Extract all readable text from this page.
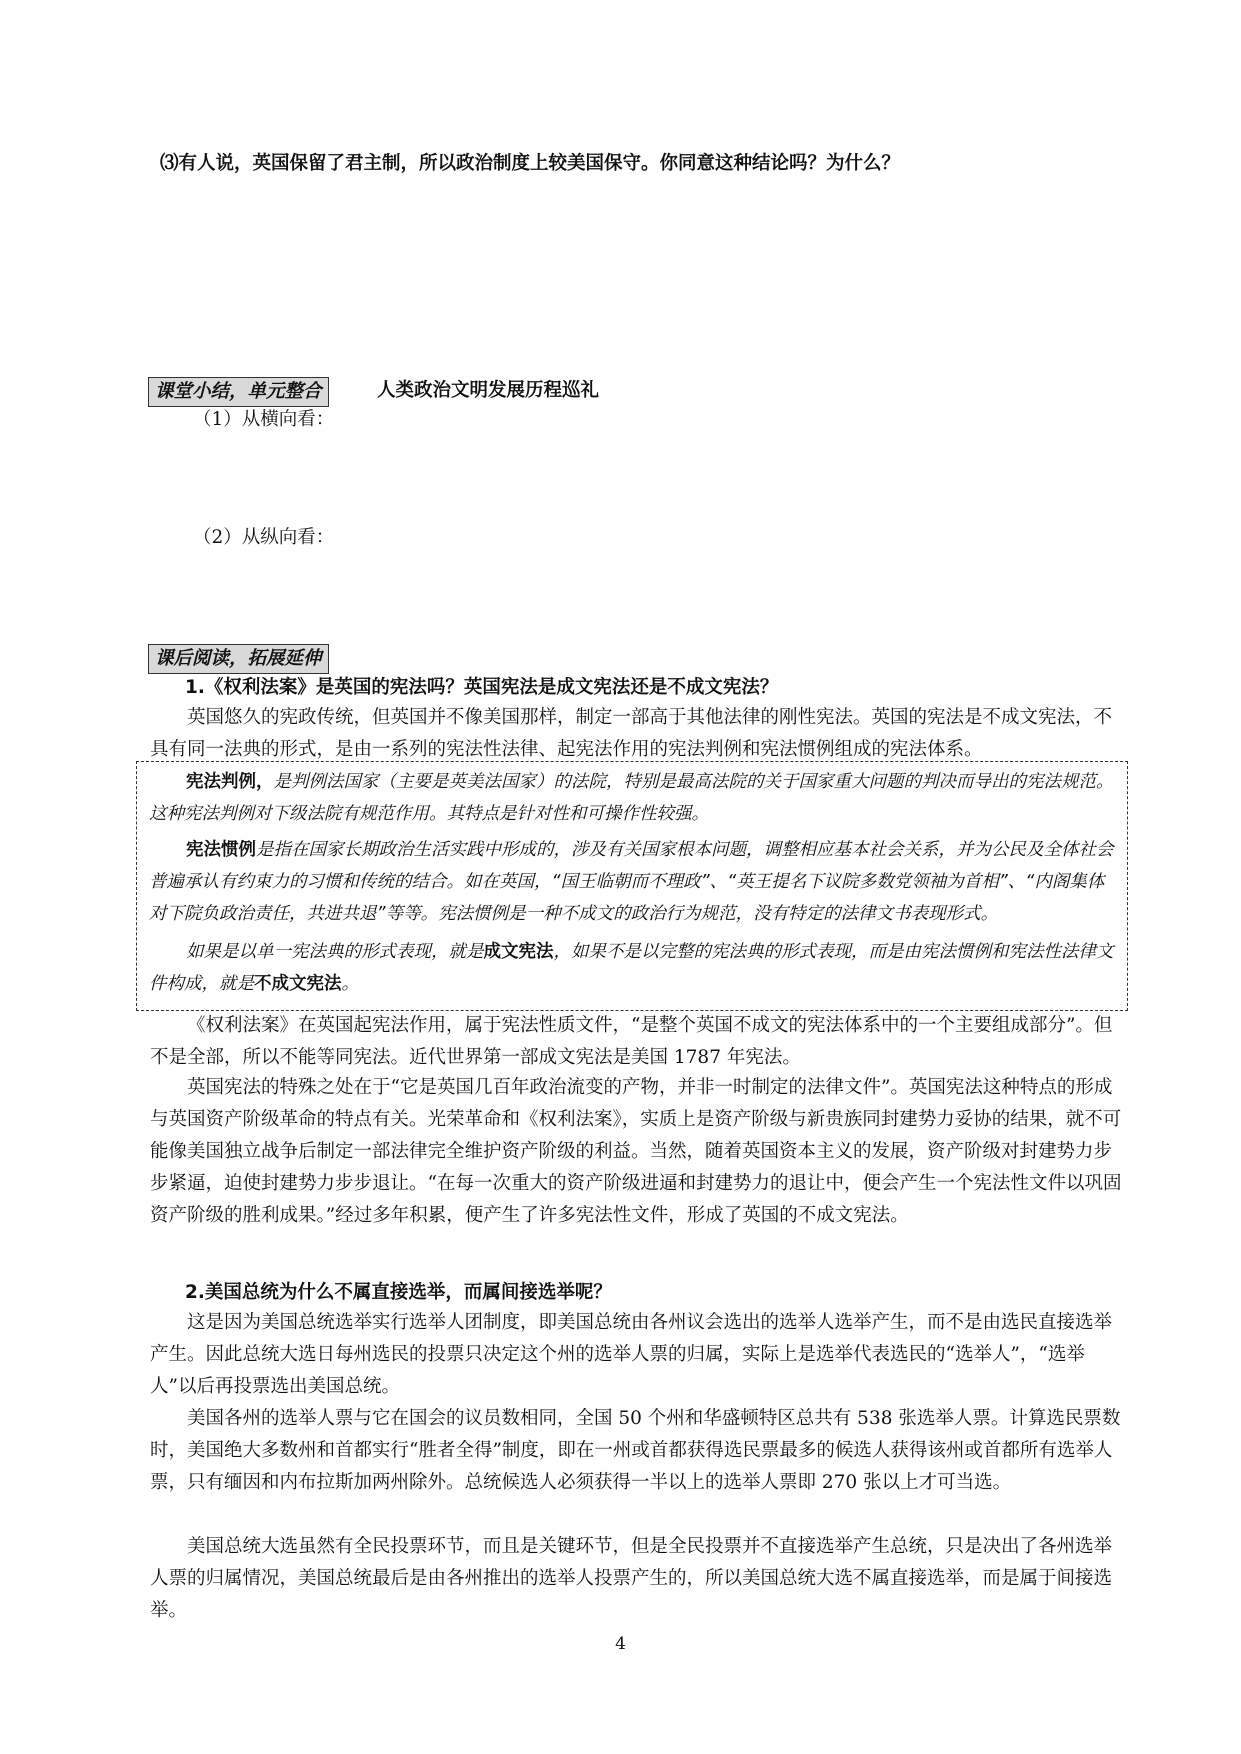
⑶有人说，英国保留了君主制，所以政治制度上较美国保守。你同意这种结论吗？为什么？
课堂小结，单元整合	人类政治文明发展历程巡礼
（1）从横向看：
（2）从纵向看：
课后阅读，拓展延伸
1.《权利法案》是英国的宪法吗？英国宪法是成文宪法还是不成文宪法？
英国悠久的宪政传统，但英国并不像美国那样，制定一部高于其他法律的刚性宪法。英国的宪法是不成文宪法，不具有同一法典的形式，是由一系列的宪法性法律、起宪法作用的宪法判例和宪法惯例组成的宪法体系。
宪法判例，是判例法国家（主要是英美法国家）的法院，特别是最高法院的关于国家重大问题的判决而导出的宪法规范。这种宪法判例对下级法院有规范作用。其特点是针对性和可操作性较强。
宪法惯例是指在国家长期政治生活实践中形成的，涉及有关国家根本问题，调整相应基本社会关系，并为公民及全体社会普遍承认有约束力的习惯和传统的结合。如在英国，“国王临朝而不理政”、“英王提名下议院多数党领袖为首相”、“内阁集体对下院负政治责任，共进共退”等等。宪法惯例是一种不成文的政治行为规范，没有特定的法律文书表现形式。
如果是以单一宪法典的形式表现，就是成文宪法，如果不是以完整的宪法典的形式表现，而是由宪法惯例和宪法性法律文件构成，就是不成文宪法。
《权利法案》在英国起宪法作用，属于宪法性质文件，“是整个英国不成文的宪法体系中的一个主要组成部分”。但不是全部，所以不能等同宪法。近代世界第一部成文宪法是美国 1787 年宪法。
英国宪法的特殊之处在于“它是英国几百年政治流变的产物，并非一时制定的法律文件”。英国宪法这种特点的形成与英国资产阶级革命的特点有关。光荣革命和《权利法案》，实质上是资产阶级与新贵族同封建势力妥协的结果，就不可能像美国独立战争后制定一部法律完全维护资产阶级的利益。当然，随着英国资本主义的发展，资产阶级对封建势力步步紧逼，迫使封建势力步步退让。“在每一次重大的资产阶级进逼和封建势力的退让中，便会产生一个宪法性文件以巩固资产阶级的胜利成果。”经过多年积累，便产生了许多宪法性文件，形成了英国的不成文宪法。
2.美国总统为什么不属直接选举，而属间接选举呢？
这是因为美国总统选举实行选举人团制度，即美国总统由各州议会选出的选举人选举产生，而不是由选民直接选举产生。因此总统大选日每州选民的投票只决定这个州的选举人票的归属，实际上是选举代表选民的“选举人”，“选举人”以后再投票选出美国总统。
美国各州的选举人票与它在国会的议员数相同，全国 50 个州和华盛顿特区总共有 538 张选举人票。计算选民票数时，美国绝大多数州和首都实行“胜者全得”制度，即在一州或首都获得选民票最多的候选人获得该州或首都所有选举人票，只有缅因和内布拉斯加两州除外。总统候选人必须获得一半以上的选举人票即 270 张以上才可当选。
美国总统大选虽然有全民投票环节，而且是关键环节，但是全民投票并不直接选举产生总统，只是决出了各州选举人票的归属情况，美国总统最后是由各州推出的选举人投票产生的，所以美国总统大选不属直接选举，而是属于间接选举。
4
